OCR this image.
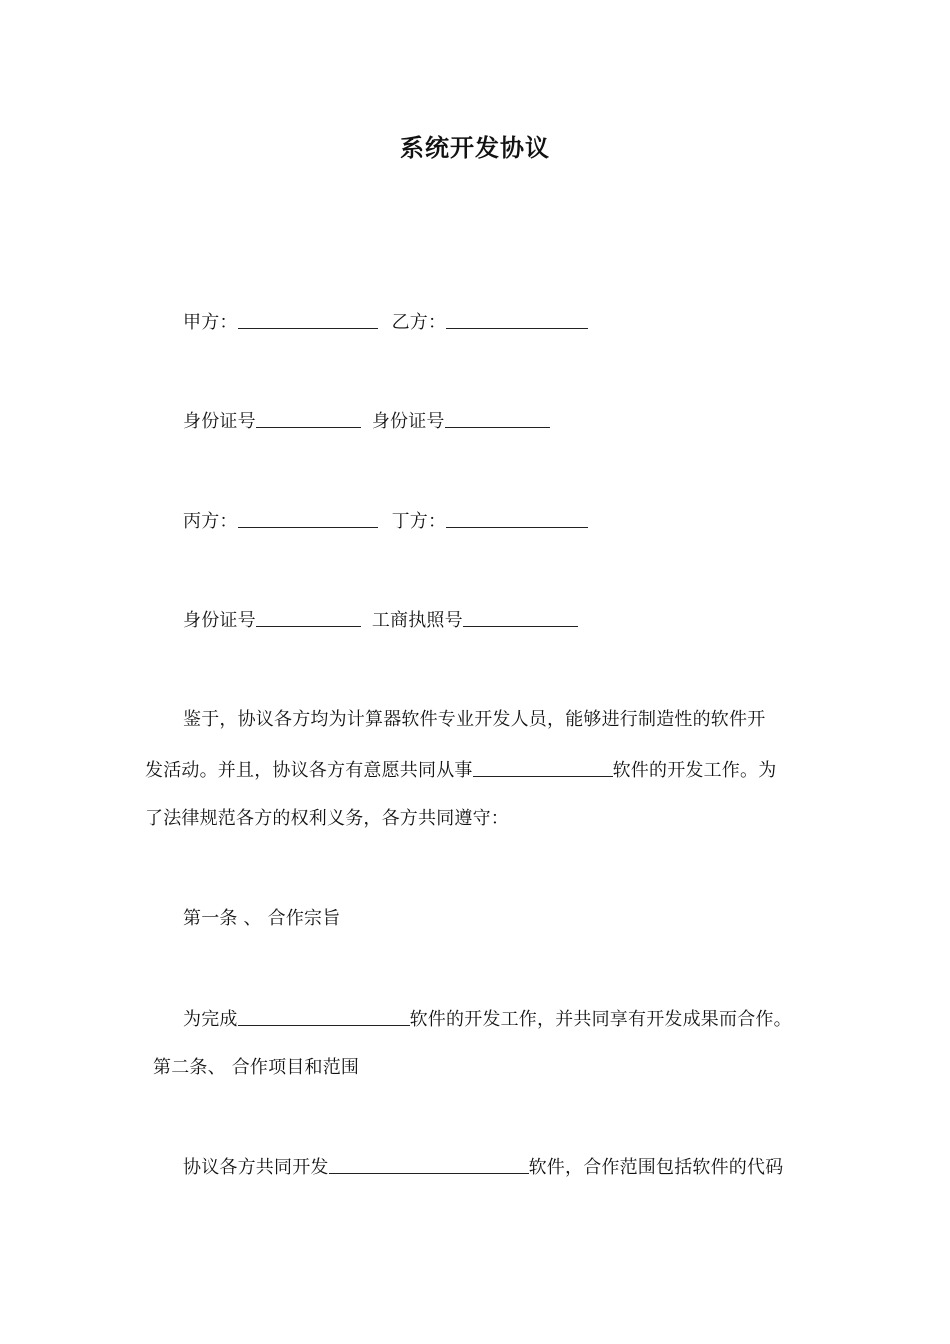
系统开发协议
甲方：	乙方：
身份证号	身份证号
丙方：	丁方：
身份证号	工商执照号
鉴于，协议各方均为计算器软件专业开发人员，能够进行制造性的软件开
发活动。并且，协议各方有意愿共同从事	软件的开发工作。为
了法律规范各方的权利义务，各方共同遵守：
第一条 、 合作宗旨
为完成	软件的开发工作，并共同享有开发成果而合作。
第二条、 合作项目和范围
协议各方共同开发	软件，合作范围包括软件的代码
